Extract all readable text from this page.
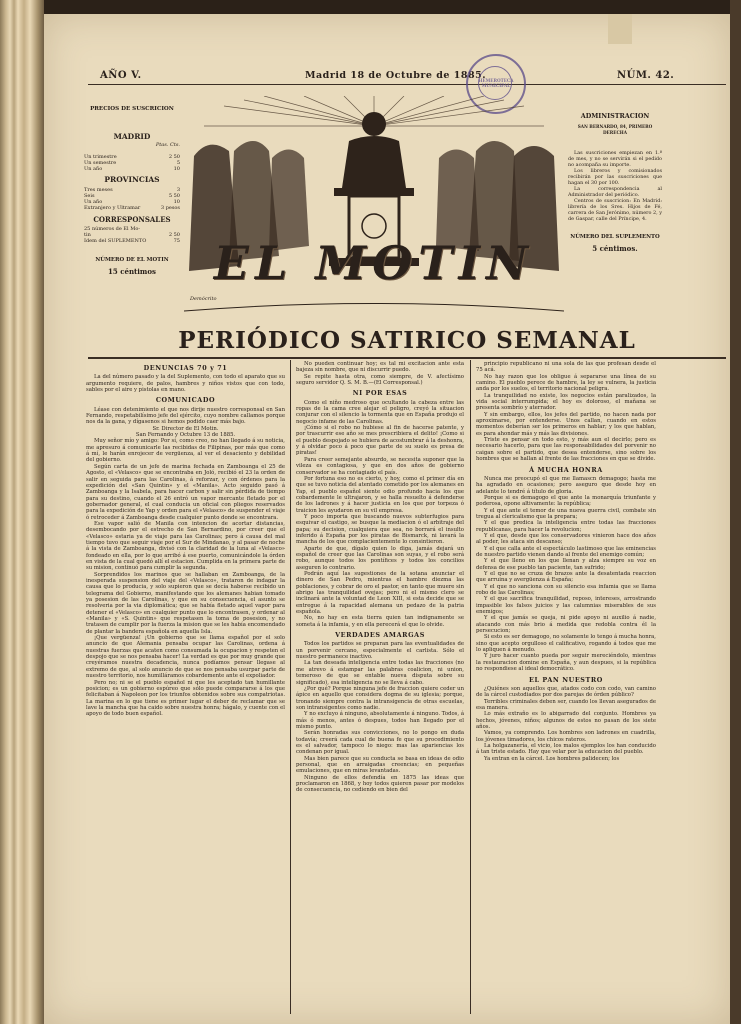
AÑO V.	Madrid 18 de Octubre de 1885.	NÚM. 42.
HEMEROTECA MUNICIPAL
PRECIOS DE SUSCRICION
MADRID
Ptas. Cts.
Un trimestre	2 50
Un semestre	5
Un año	10
PROVINCIAS
Tres meses	3
Seis	5 50
Un año	10
Extranjero y Ultramar	3 pesos
CORRESPONSALES
25 números de El Mo-
tin	2 50
Idem del SUPLEMENTO	75
NÚMERO DE EL MOTIN
15 céntimos
ADMINISTRACION
SAN BERNARDO, 84, PRIMERO DERECHA
Las suscriciones empiezan en 1.º de mes, y no se servirán si el pedido no acompaña su importe.
Los libreros y comisionados recibirán por las suscriciones que hagan el 30 por 100.
La correspondencia al Administrador del periódico.
Centros de suscricion: En Madrid: librería de los Sres. Hijos de Fé, carrera de San Jerónimo, número 2, y de Gaspar, calle del Príncipe, 4.
NÚMERO DEL SUPLEMENTO
5 céntimos.
EL MOTIN
Demócrito
PERIÓDICO SATIRICO SEMANAL
DENUNCIAS 70 y 71

La del número pasado y la del Suplemento, con todo el aparato que su argumento requiere, de palos, hambres y niños vistos que con todo, sables por el aire y pistolas en mano.

COMUNICADO

Léase con detenimiento el que nos dirije nuestro corresponsal en San Fernando, respetabilísimo jefe del ejército, cuyo nombre callamos porque nos da la gana, y dígasenos si hemos podido caer más bajo.

Sr. Director de El Motin.

San Fernando y Octubre 13 de 1885.

Muy señor mío y amigo: Por sí, como creo, no han llegado á su noticia, me apresuro á comunicarle las recibidas de Filipinas, por más que como á mí, le harán enrojecer de vergüenza, al ver el desaciento y debilidad del gobierno.

Según carta de un jefe de marina fechada en Zamboanga el 25 de Agosto, el «Velasco» que se encontraba en Joló, recibió el 23 la orden de salir en seguida para las Carolinas, á reforzar, y con órdenes para la expedición del «San Quintin» y el «Manila». Acto seguido pasó á Zamboanga y la Isabela, para hacer carbon y salir sin pérdida de tiempo para su destino, cuando el 26 entró un vapor mercante fletado por el gobernador general, el cual conducia un oficial con pliegos reservados para la expedición de Yap y orden para el «Velasco» de suspender el viaje ó retroceder á Zamboanga desde cualquier punto donde se encontrara.

Ese vapor salió de Manila con intencion de acortar distancias, desembocando por el estrecho de San Bernardino, por creer que el «Velasco» estaria ya de viaje para las Carolinas; pero á causa del mal tiempo tuvo que seguir viaje por el Sur de Mindanao, y al pasar de noche á la vista de Zamboanga, divisó con la claridad de la luna al «Velasco» fondeado en ella, por lo que arribó á ese puerto, comunicándole la órden en vista de la cual quedó allí el estacion. Cumplida en la primera parte de su mision, continuó para cumplir la segunda.

Sorprendidos los marinos que se hallaban en Zamboanga, de la inesperada suspension del viaje del «Velasco», trataron de indagar la causa que lo producia, y solo supieron que se decía haberse recibido un telegrama del Gobierno, manifestando que los alemanes habian tomado ya posesion de las Carolinas, y que en su consecuencia, el asunto se resolveria por la via diplomática; que se había fletado aquel vapor para detener el «Velasco» en cualquier punto que lo encontrasen, y ordenar al «Manila» y «S. Quintin» que respetasen la toma de posesion, y no tratasen de cumplir por la fuerza la mision que se les había encomendado de plantar la bandera española en aquella Isla.

¡Que vergüenza! ¡Un gobierno que se llama español por el solo anuncio de que Alemania pensaba ocupar las Carolinas, ordena á nuestras fuerzas que acaten como consumada la ocupacion y respeten el despojo que se nos pensaba hacer! La verdad es que por muy grande que creyéramos nuestra decadencia, nunca podíamos pensar llegase al extremo de que, al solo anuncio de que se nos pensaba usurpar parte de nuestro territorio, nos humilláramos cobardemente ante el expoliador.

Pero no; ni se el pueblo español ni que les aceptado tan humillante posicion; es un gobierno espúreo que sólo puede compararse á los que felicitaban á Napoleon por los triunfos obtenidos sobre sus compatriotas. La marina en lo que tiene es primer lugar el deber de reclamar que se lave la mancha que ha caido sobre nuestra honra; hágalo, y cuente con el apoyo de todo buen español.

No pueden continuar hoy; es tal mi excitacion ante esta bajeza sin nombre, que ni discurrir puedo.

Se repite hasta otra, como siempre, de V. afectísimo seguro servidor Q. S. M. B.—(El Corresponsal.)

NI POR ESAS

Como el niño medroso que ocultando la cabeza entre las ropas de la cama cree alejar el peligro, creyó la situacion conjurar con el silencio la tormenta que en España produjo el negocio infame de las Carolinas.

¡Cómo si el robo no hubiese al fin de hacerse patente, y por trascurrir ese año se mes prescribiera el delito! ¡Como si el pueblo despojado se hubiera de acostumbrar á la deshonra, y á olvidar poco á poco que parte de su suelo es presa de piratas!

Para creer semejante absurdo, se necesita suponer que la vileza es contagiosa, y que en dos años de gobierno conservador se ha contagiado el país.

Por fortuna eso no es cierto, y hoy, como el primer día en que se tuvo noticia del atentado cometido por los alemanes en Yap, el pueblo español siente odio profundo hacia los que cobardemente le ultrajaron, y se halla resuelto á defenderse de los ladrones y á hacer justicia en los que por torpeza ó traicion les ayudaron en su vil empresa.

Y poco importa que buscando nuevos subterfugios para esquivar el castigo, se busque la mediacion ó el arbitraje del papa; su decision, cualquiera que sea, no borrará el insulto inferido á España por los piratas de Bismarck, ni lavará la mancha de los que complacientemente lo consintieron.

Aparte de que, dígalo quien lo diga, jamás dejará un español de creer que las Carolinas son suyas, y el robo será robo, aunque todos los pontífices y todos los concilios aseguren lo contrario.

Podrán aquí las sugestiones de la sotana anunciar el dinero de San Pedro, mientras el hambre diezma las poblaciones, y cobrar de oro el pastor, en tanto que muere sin abrigo las tranquilidad ovejas; pero ni el mismo clero se inclinará ante la voluntad de Leon XIII, si esta decide que se entregue á la rapacidad alemana un pedazo de la patria española.

No, no hay en esta tierra quien tan indignamente se someta á la infamia, y en ella perecerá el que lo olvide.

VERDADES AMARGAS

Todos los partidos se preparan para las eventualidades de un porvenir cercano, especialmente el carlista. Sólo el nuestro permanece inactivo.

La tan deseada inteligencia entre todas las fracciones (no me atrevo á estampar las palabras coalicion, ni union, temeroso de que se entable nueva disputa sobre su significado), esa inteligencia no se lleva á cabo.

¿Por qué? Porque ninguna jefe de fraccion quiere ceder un ápice en aquello que considera dogma de su iglesia; porque, tronando siempre contra la intransigencia de otras escuelas, son intransigentes como nadie.

Y no excluyo á ninguno, absolutamente á ninguno. Todos, á más ó menos, antes ó despues, todos han llegado por el mismo punto.

Serán honradas sus convicciones, no lo pongo en duda todavía; creerá cada cual de buena fe que su procedimiento es el salvador, tampoco lo niego: mas las apariencias los condenan por igual.

Mas bien parece que su conducta se basa en ideas de odio personal, que en arraigadas creencias; en pequeñas emulaciones, que en miras levantadas.

Ninguno de ellos defendía en 1875 las ideas que proclamaron en 1868, y hoy todos quieren pasar por modelos de consecuencia, no cediendo en bien del

principio republicano ni una sola de las que profesan desde el 75 acá.

No hay razon que los obligue á separarse una línea de su camino. El pueblo perece de hambre, la ley se vulnera, la justicia anda por los suelos, el territorio nacional peligra.

La tranquilidad no existe, los negocios están paralizados, la vida social interrumpida; el hoy es doloroso, el mañana se presenta sombrío y aterrador.

Y sin embargo, ellos, los jefes del partido, no hacen nada por aproximarse, por entenderse. Unos callan, cuando en estos momentos deberían ser los primeros en hablar; y los que hablan, es para ahondar más y más las divisiones.

Triste es pensar en todo esto, y más aun el decirlo; pero es necesario hacerlo, para que las responsabilidades del porvenir no caigan sobre el partido, que desea entenderse, sino sobre los hombres que se hallan al frente de las fracciones en que se divide.

Á MUCHA HONRA

Nunca me preocupó el que me llamascn demagogo; hasta me ha agradado en ocasiones; pero aseguro que desde hoy en adelante lo tendré á título de gloria.

Porque si es demagogo el que ante la monarquía triunfante y poderosa, opone altivamente: la república;

Y el que ante el temor de una nueva guerra civil, combate sin tregua al clericalismo que la prepara;

Y el que predica la inteligencia entre todas las fracciones republicanas, para hacer la revolucion;

Y el que, desde que los conservadores vinieron hace dos años al poder, les ataca sin descanso;

Y el que calla ante el espectáculo lastimoso que las eminencias de nuestro partido vienen dando al frente del enemigo común;

Y el que lleno en los que llenan y alza siempre su voz en defensa de ese pueblo tan paciente, tan sufrido;

Y el que no se cruza de brazos ante la desatentada reaccion que arruina y avergüenza á España;

Y el que no sanciona con su silencio esa infamia que se llama robo de las Carolinas;

Y el que sacrifica tranquilidad, reposo, intereses, arrostrando impasible los falsos juicios y las calumnias miserables de sus enemigos;

Y el que jamás se queja, ni pide apoyo ni auxilio á nadie, atacando con más brio á medida que redobla contra él la persecucion;

Si esto es ser demagogo, no solamente lo tengo á mucha honra, sino que acepto orgulloso el calificativo, rogando á todos que me lo apliquen á menudo.

Y juro hacer cuanto pueda por seguir mereciéndolo, mientras la restauracion domine en España, y aun despues, si la república no respondiese al ideal democrático.

EL PAN NUESTRO

¿Quiénes son aquellos que, atados codo con codo, van camino de la cárcel custodiados por dos parejas de órden público?

Terribles criminales deben ser, cuando los llevan asegurados de esa manera.

Lo más extraño es lo abigarrado del conjunto. Hombres ya hechos, jóvenes, niños; algunos de estos no pasan de los siete años.

Vamos, ya comprendo. Los hombres son ladrones en cuadrilla, los jóvenes timadores, los chicos rateros.

La holgazanería, el vicio, los malos ejemplos los han conducido á tan triste estado. Hay que velar por la educacion del pueblo.

Ya entran en la cárcel. Los hombres palidecen; los
